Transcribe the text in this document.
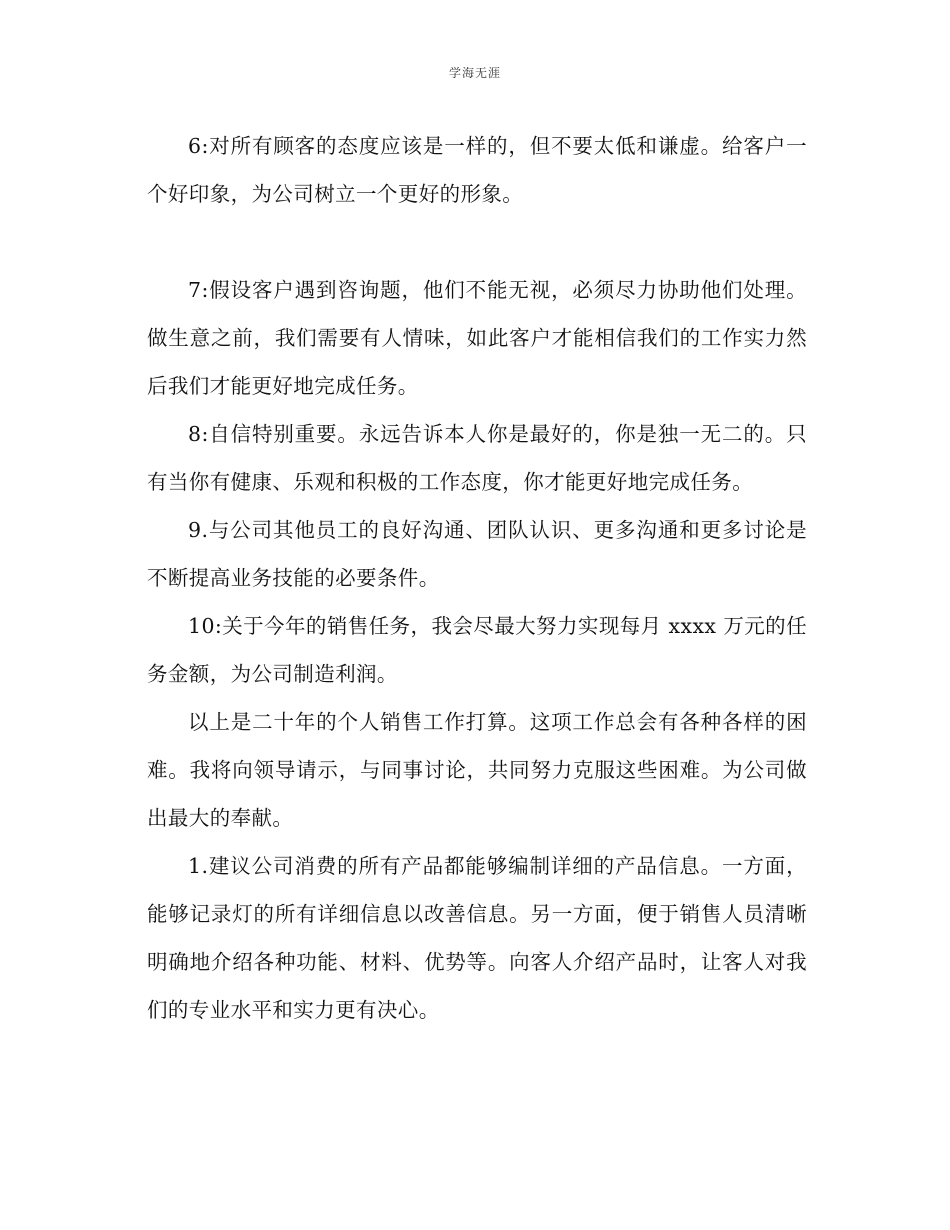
学海无涯

6:对所有顾客的态度应该是一样的，但不要太低和谦虚。给客户一个好印象，为公司树立一个更好的形象。

7:假设客户遇到咨询题，他们不能无视，必须尽力协助他们处理。做生意之前，我们需要有人情味，如此客户才能相信我们的工作实力然后我们才能更好地完成任务。

8:自信特别重要。永远告诉本人你是最好的，你是独一无二的。只有当你有健康、乐观和积极的工作态度，你才能更好地完成任务。

9.与公司其他员工的良好沟通、团队认识、更多沟通和更多讨论是不断提高业务技能的必要条件。

10:关于今年的销售任务，我会尽最大努力实现每月 xxxx 万元的任务金额，为公司制造利润。

以上是二十年的个人销售工作打算。这项工作总会有各种各样的困难。我将向领导请示，与同事讨论，共同努力克服这些困难。为公司做出最大的奉献。

1.建议公司消费的所有产品都能够编制详细的产品信息。一方面，能够记录灯的所有详细信息以改善信息。另一方面，便于销售人员清晰明确地介绍各种功能、材料、优势等。向客人介绍产品时，让客人对我们的专业水平和实力更有决心。
